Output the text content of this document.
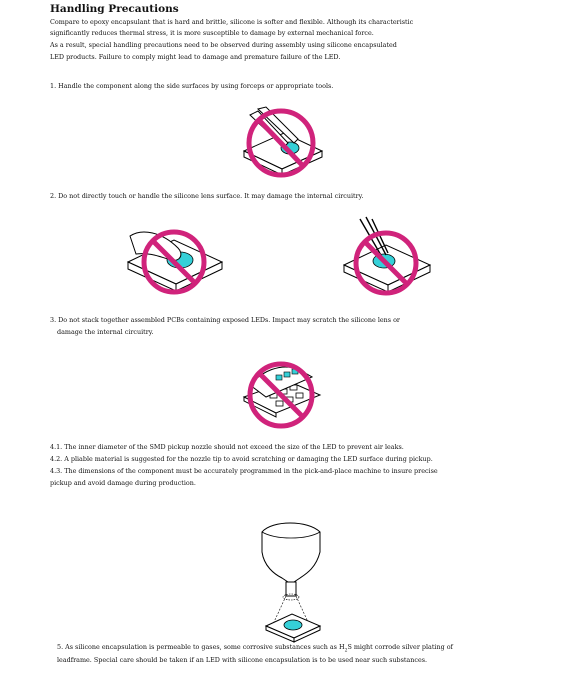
Handling Precautions
Compare to epoxy encapsulant that is hard and brittle, silicone is softer and flexible. Although its characteristic
significantly reduces thermal stress, it is more susceptible to damage by external mechanical force.
As a result, special handling precautions need to be observed during assembly using silicone encapsulated
LED products. Failure to comply might lead to damage and premature failure of the LED.
1. Handle the component along the side surfaces by using forceps or appropriate tools.
2. Do not directly touch or handle the silicone lens surface. It may damage the internal circuitry.
3. Do not stack together assembled PCBs containing exposed LEDs. Impact may scratch the silicone lens or
damage the internal circuitry.
4.1. The inner diameter of the SMD pickup nozzle should not exceed the size of the LED to prevent air leaks.
4.2. A pliable material is suggested for the nozzle tip to avoid scratching or damaging the LED surface during pickup.
4.3. The dimensions of the component must be accurately programmed in the pick-and-place machine to insure precise
pickup and avoid damage during production.
5. As silicone encapsulation is permeable to gases, some corrosive substances such as $H_2S$ might corrode silver plating of
leadframe. Special care should be taken if an LED with silicone encapsulation is to be used near such substances.
